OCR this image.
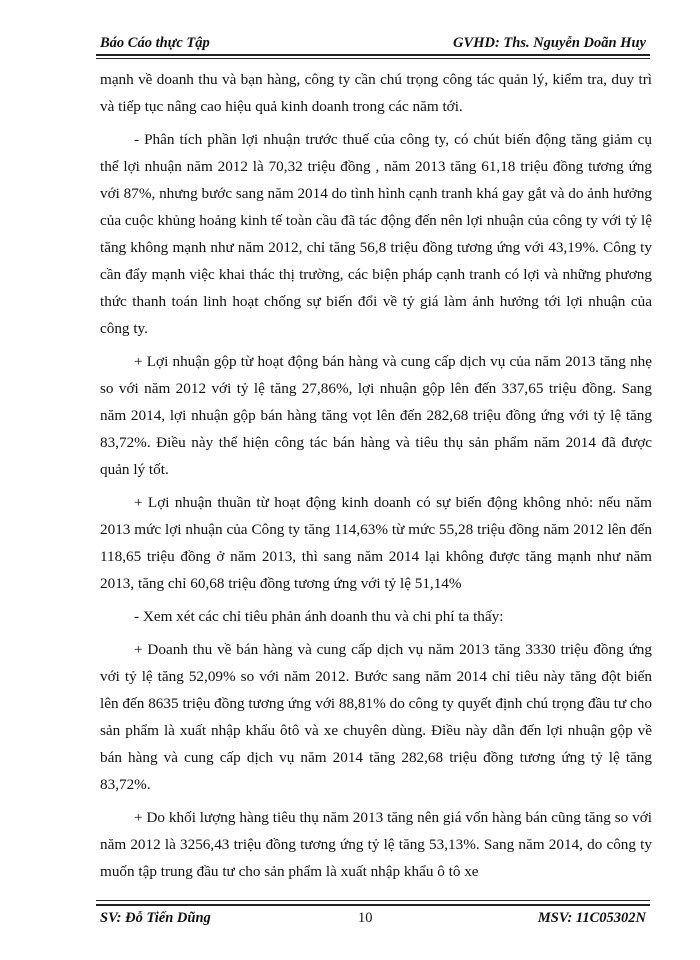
Báo Cáo thực Tập	GVHD: Ths. Nguyễn Doãn Huy

mạnh về doanh thu và bạn hàng, công ty cần chú trọng công tác quản lý, kiểm tra, duy trì và tiếp tục nâng cao hiệu quả kinh doanh trong các năm tới.

- Phân tích phần lợi nhuận trước thuế của công ty, có chút biến động tăng giảm cụ thể lợi nhuận năm 2012 là 70,32 triệu đồng , năm 2013 tăng 61,18 triệu đồng tương ứng với 87%, nhưng bước sang năm 2014 do tình hình cạnh tranh khá gay gắt và do ảnh hưởng của cuộc khủng hoảng kinh tế toàn cầu đã tác động đến nên lợi nhuận của công ty với tỷ lệ tăng không mạnh như năm 2012, chỉ tăng 56,8 triệu đồng tương ứng với 43,19%. Công ty cần đẩy mạnh việc khai thác thị trường, các biện pháp cạnh tranh có lợi và những phương thức thanh toán linh hoạt chống sự biến đổi về tỷ giá làm ảnh hưởng tới lợi nhuận của công ty.

+ Lợi nhuận gộp từ hoạt động bán hàng và cung cấp dịch vụ của năm 2013 tăng nhẹ so với năm 2012 với tỷ lệ tăng 27,86%, lợi nhuận gộp lên đến 337,65 triệu đồng. Sang năm 2014, lợi nhuận gộp bán hàng tăng vọt lên đến 282,68 triệu đồng ứng với tỷ lệ tăng 83,72%. Điều này thể hiện công tác bán hàng và tiêu thụ sản phẩm năm 2014 đã được quản lý tốt.

+ Lợi nhuận thuần từ hoạt động kinh doanh có sự biến động không nhỏ: nếu năm 2013 mức lợi nhuận của Công ty tăng 114,63% từ mức 55,28 triệu đồng năm 2012 lên đến 118,65 triệu đồng ở năm 2013, thì sang năm 2014 lại không được tăng mạnh như năm 2013, tăng chỉ 60,68 triệu đồng tương ứng với tỷ lệ 51,14%

- Xem xét các chỉ tiêu phản ánh doanh thu và chi phí ta thấy:

+ Doanh thu về bán hàng và cung cấp dịch vụ năm 2013 tăng 3330 triệu đồng ứng với tỷ lệ tăng 52,09% so với năm 2012. Bước sang năm 2014 chỉ tiêu này tăng đột biến lên đến 8635 triệu đồng tương ứng với 88,81% do công ty quyết định chú trọng đầu tư cho sản phẩm là xuất nhập khẩu ôtô và xe chuyên dùng. Điều này dẫn đến lợi nhuận gộp về bán hàng và cung cấp dịch vụ năm 2014 tăng 282,68 triệu đồng tương ứng tỷ lệ tăng 83,72%.

+ Do khối lượng hàng tiêu thụ năm 2013 tăng nên giá vốn hàng bán cũng tăng so với năm 2012 là 3256,43 triệu đồng tương ứng tỷ lệ tăng 53,13%. Sang năm 2014, do công ty muốn tập trung đầu tư cho sản phẩm là xuất nhập khẩu ô tô xe

SV: Đỗ Tiến Dũng	10	MSV: 11C05302N
